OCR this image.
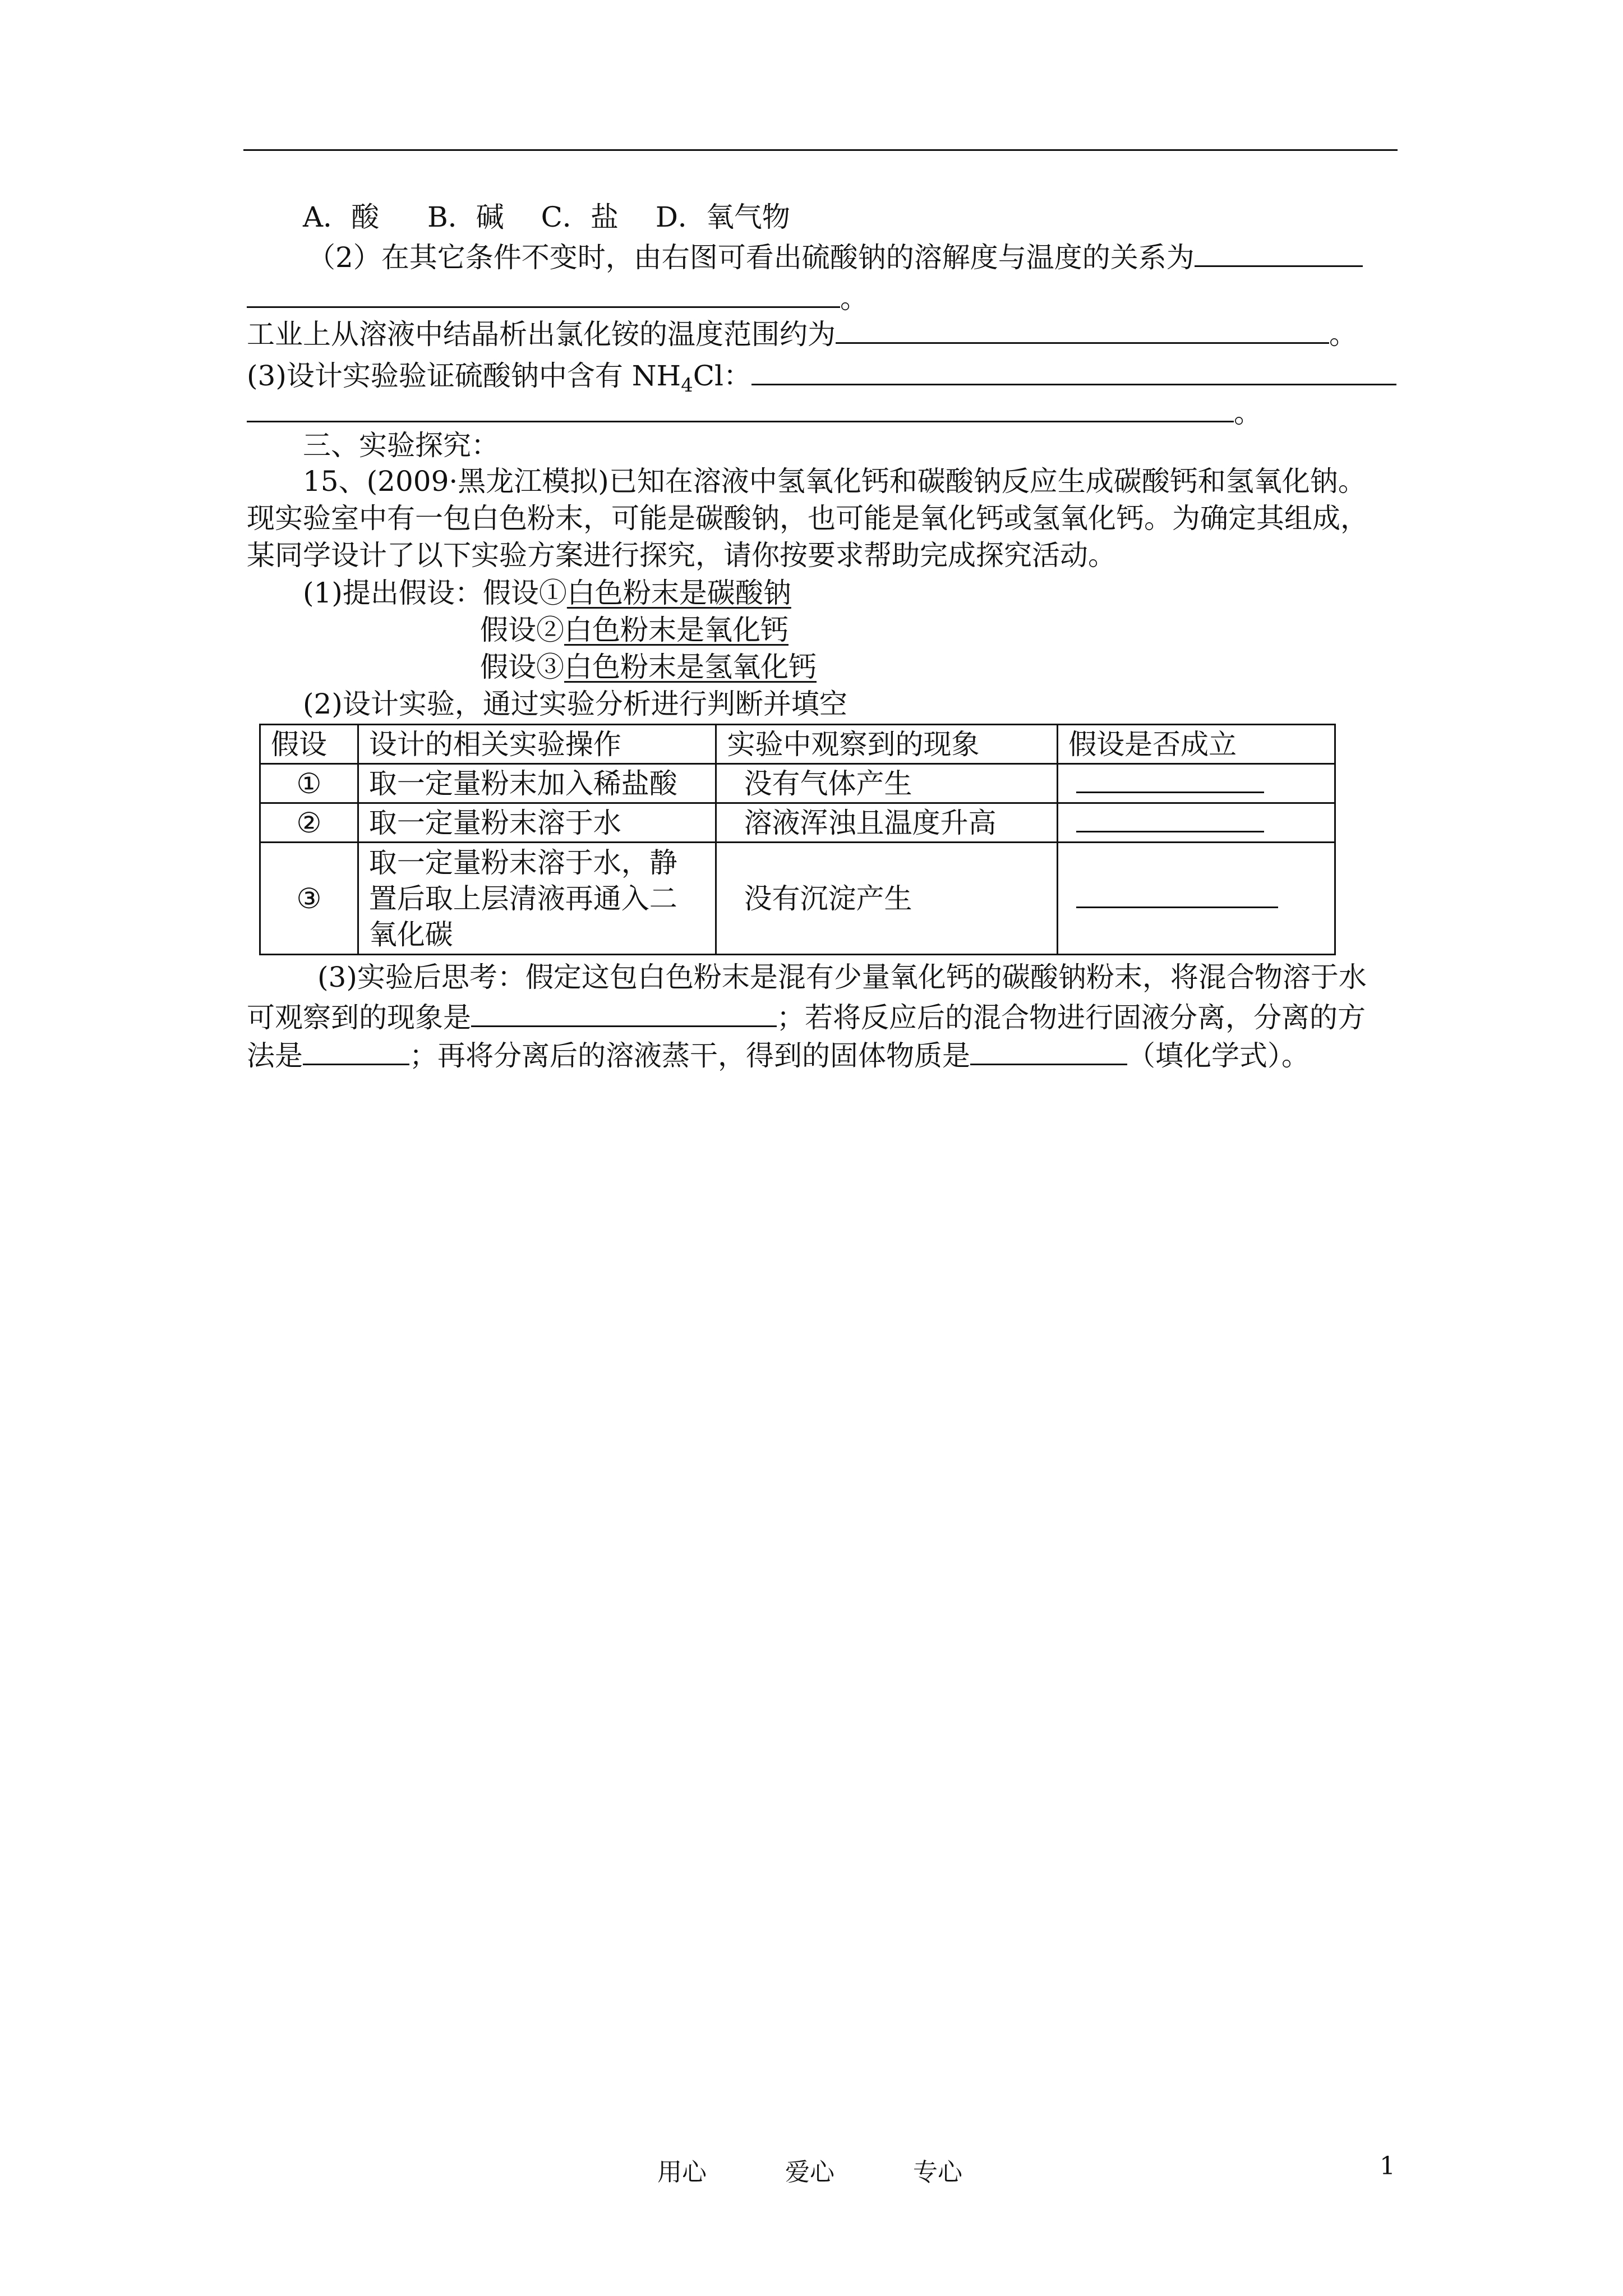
A．酸 B．碱 C．盐 D．氧气物
（2）在其它条件不变时，由右图可看出硫酸钠的溶解度与温度的关系为
。
工业上从溶液中结晶析出氯化铵的温度范围约为	。
(3)设计实验验证硫酸钠中含有 $NH_4Cl$：
。
三、实验探究：
15、(2009·黑龙江模拟)已知在溶液中氢氧化钙和碳酸钠反应生成碳酸钙和氢氧化钠。
现实验室中有一包白色粉末，可能是碳酸钠，也可能是氧化钙或氢氧化钙。为确定其组成，
某同学设计了以下实验方案进行探究，请你按要求帮助完成探究活动。
(1)提出假设：假设①白色粉末是碳酸钠
假设②白色粉末是氧化钙
假设③白色粉末是氢氧化钙
(2)设计实验，通过实验分析进行判断并填空
假设	设计的相关实验操作	实验中观察到的现象	假设是否成立
①	取一定量粉末加入稀盐酸	没有气体产生	
②	取一定量粉末溶于水	溶液浑浊且温度升高	
③	取一定量粉末溶于水，静
置后取上层清液再通入二
氧化碳	没有沉淀产生	
(3)实验后思考：假定这包白色粉末是混有少量氧化钙的碳酸钠粉末，将混合物溶于水
可观察到的现象是	；若将反应后的混合物进行固液分离，分离的方
法是	；再将分离后的溶液蒸干，得到的固体物质是	（填化学式）。
用心	爱心	专心	1
